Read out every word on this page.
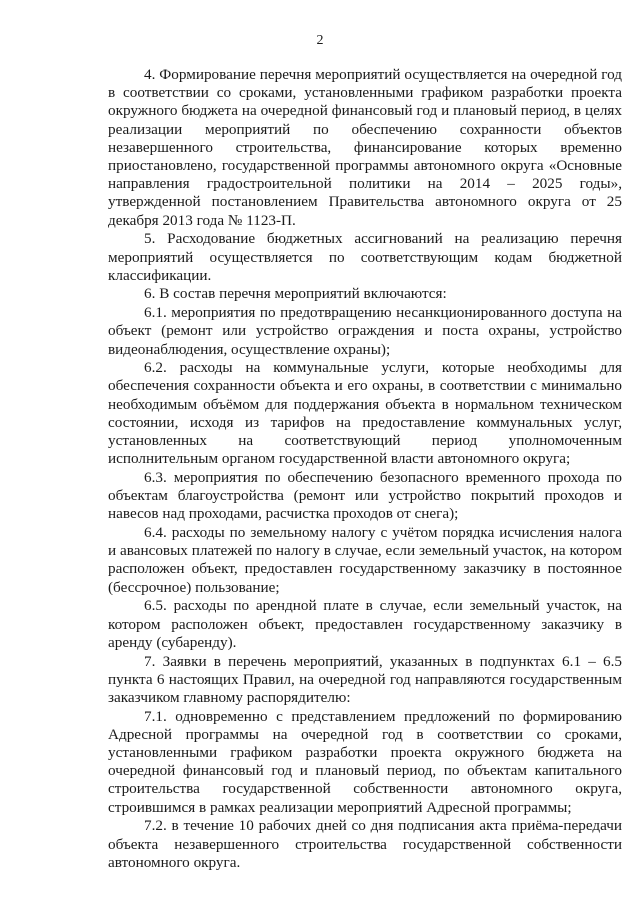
2

4. Формирование перечня мероприятий осуществляется на очередной год в соответствии со сроками, установленными графиком разработки проекта окружного бюджета на очередной финансовый год и плановый период, в целях реализации мероприятий по обеспечению сохранности объектов незавершенного строительства, финансирование которых временно приостановлено, государственной программы автономного округа «Основные направления градостроительной политики на 2014 – 2025 годы», утвержденной постановлением Правительства автономного округа от 25 декабря 2013 года № 1123-П.

5. Расходование бюджетных ассигнований на реализацию перечня мероприятий осуществляется по соответствующим кодам бюджетной классификации.

6. В состав перечня мероприятий включаются:

6.1. мероприятия по предотвращению несанкционированного доступа на объект (ремонт или устройство ограждения и поста охраны, устройство видеонаблюдения, осуществление охраны);

6.2. расходы на коммунальные услуги, которые необходимы для обеспечения сохранности объекта и его охраны, в соответствии с минимально необходимым объёмом для поддержания объекта в нормальном техническом состоянии, исходя из тарифов на предоставление коммунальных услуг, установленных на соответствующий период уполномоченным исполнительным органом государственной власти автономного округа;

6.3. мероприятия по обеспечению безопасного временного прохода по объектам благоустройства (ремонт или устройство покрытий проходов и навесов над проходами, расчистка проходов от снега);

6.4. расходы по земельному налогу с учётом порядка исчисления налога и авансовых платежей по налогу в случае, если земельный участок, на котором расположен объект, предоставлен государственному заказчику в постоянное (бессрочное) пользование;

6.5. расходы по арендной плате в случае, если земельный участок, на котором расположен объект, предоставлен государственному заказчику в аренду (субаренду).

7. Заявки в перечень мероприятий, указанных в подпунктах 6.1 – 6.5 пункта 6 настоящих Правил, на очередной год направляются государственным заказчиком главному распорядителю:

7.1. одновременно с представлением предложений по формированию Адресной программы на очередной год в соответствии со сроками, установленными графиком разработки проекта окружного бюджета на очередной финансовый год и плановый период, по объектам капитального строительства государственной собственности автономного округа, строившимся в рамках реализации мероприятий Адресной программы;

7.2. в течение 10 рабочих дней со дня подписания акта приёма-передачи объекта незавершенного строительства государственной собственности автономного округа.
